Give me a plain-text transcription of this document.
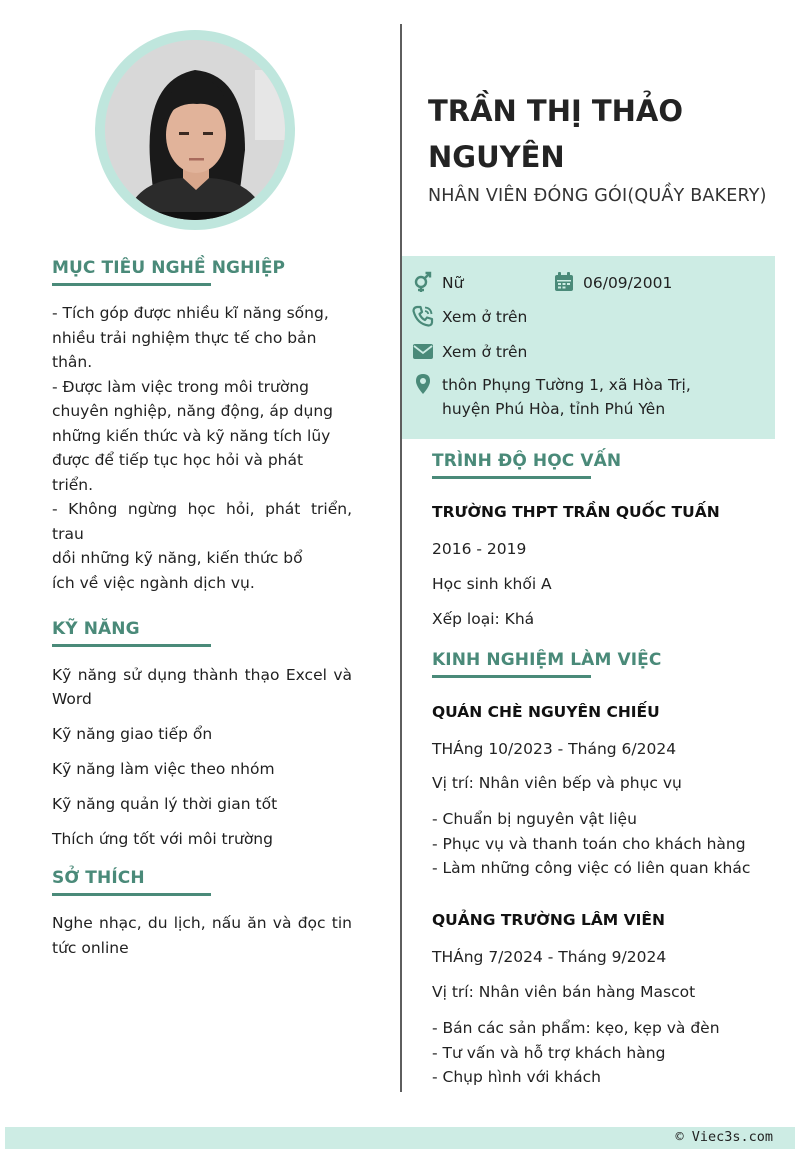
MỤC TIÊU NGHỀ NGHIỆP

- Tích góp được nhiều kĩ năng sống,

nhiều trải nghiệm thực tế cho bản

thân.

- Được làm việc trong môi trường

chuyên nghiệp, năng động, áp dụng

những kiến thức và kỹ năng tích lũy

được để tiếp tục học hỏi và phát

triển.

- Không ngừng học hỏi, phát triển, trau

dồi những kỹ năng, kiến thức bổ

ích về việc ngành dịch vụ.

KỸ NĂNG
Kỹ năng sử dụng thành thạo Excel và Word
Kỹ năng giao tiếp ổn
Kỹ năng làm việc theo nhóm
Kỹ năng quản lý thời gian tốt
Thích ứng tốt với môi trường
SỞ THÍCH
Nghe nhạc, du lịch, nấu ăn và đọc tin tức online
TRẦN THỊ THẢO
NGUYÊN

NHÂN VIÊN ĐÓNG GÓI(QUẦY BAKERY)

Nữ	06/09/2001
Xem ở trên
Xem ở trên
thôn Phụng Tường 1, xã Hòa Trị,
huyện Phú Hòa, tỉnh Phú Yên
TRÌNH ĐỘ HỌC VẤN

TRƯỜNG THPT TRẦN QUỐC TUẤN

2016 - 2019

Học sinh khối A

Xếp loại: Khá

KINH NGHIỆM LÀM VIỆC

QUÁN CHÈ NGUYÊN CHIẾU

THÁng 10/2023 - Tháng 6/2024

Vị trí: Nhân viên bếp và phục vụ

- Chuẩn bị nguyên vật liệu
- Phục vụ và thanh toán cho khách hàng
- Làm những công việc có liên quan khác

QUẢNG TRƯỜNG LÂM VIÊN

THÁng 7/2024 - Tháng 9/2024

Vị trí: Nhân viên bán hàng Mascot

- Bán các sản phẩm: kẹo, kẹp và đèn
- Tư vấn và hỗ trợ khách hàng
- Chụp hình với khách
© Viec3s.com
